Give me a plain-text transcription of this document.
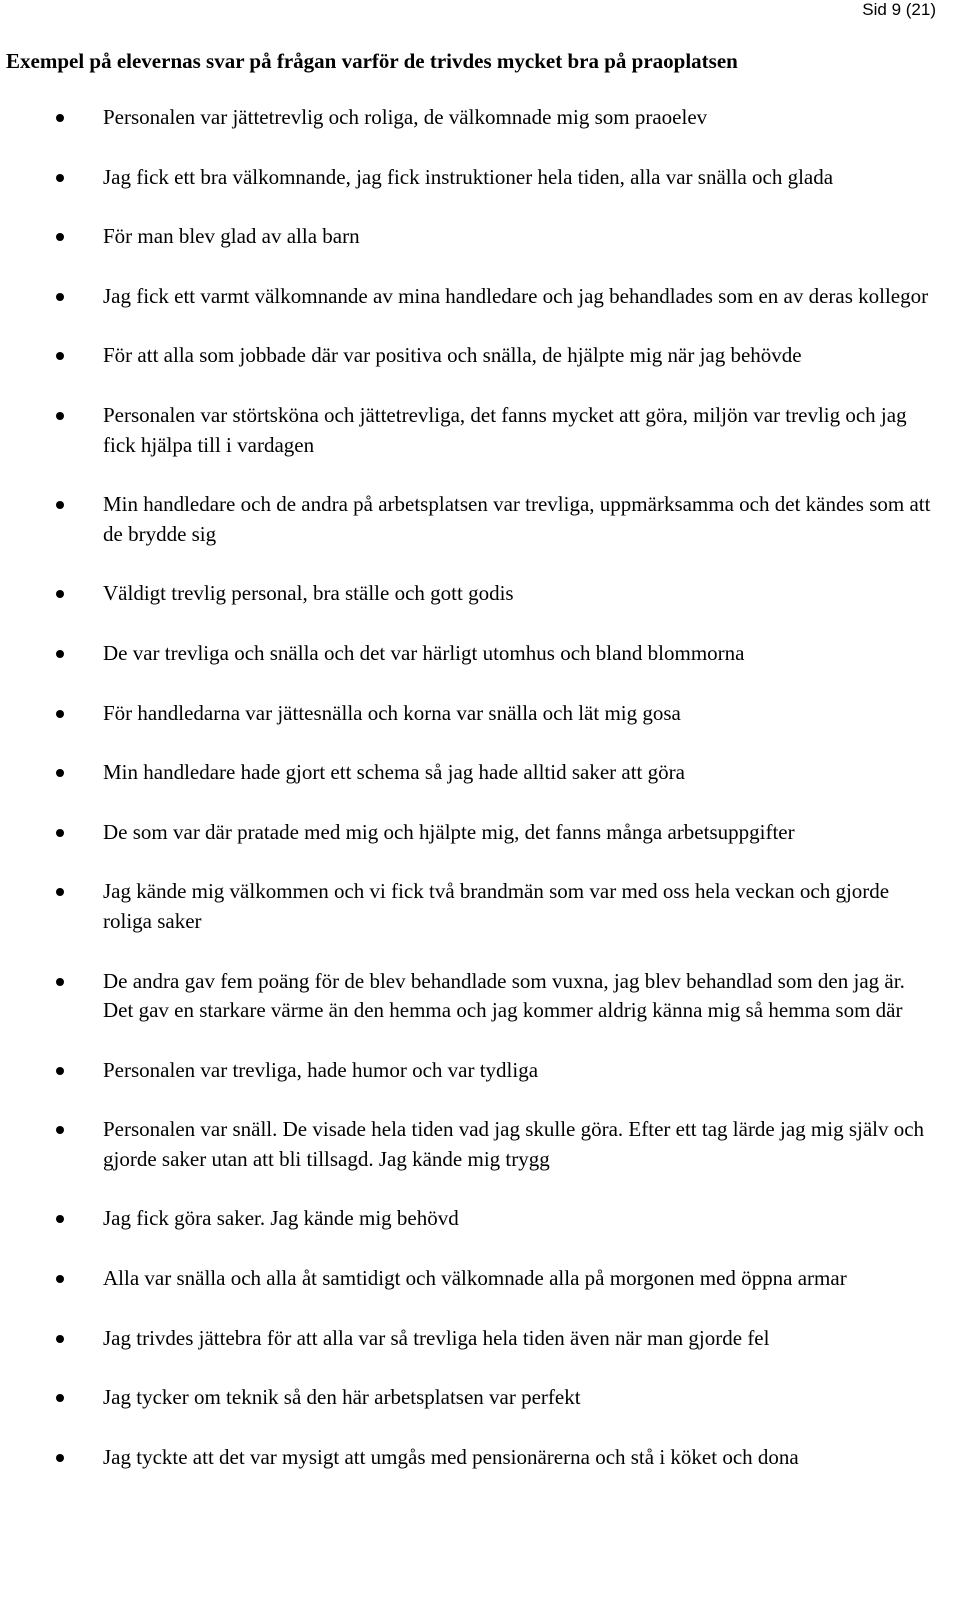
Sid 9 (21)
Exempel på elevernas svar på frågan varför de trivdes mycket bra på praoplatsen
Personalen var jättetrevlig och roliga, de välkomnade mig som praoelev
Jag fick ett bra välkomnande, jag fick instruktioner hela tiden, alla var snälla och glada
För man blev glad av alla barn
Jag fick ett varmt välkomnande av mina handledare och jag behandlades som en av deras kollegor
För att alla som jobbade där var positiva och snälla, de hjälpte mig när jag behövde
Personalen var störtsköna och jättetrevliga, det fanns mycket att göra, miljön var trevlig och jag fick hjälpa till i vardagen
Min handledare och de andra på arbetsplatsen var trevliga, uppmärksamma och det kändes som att de brydde sig
Väldigt trevlig personal, bra ställe och gott godis
De var trevliga och snälla och det var härligt utomhus och bland blommorna
För handledarna var jättesnälla och korna var snälla och lät mig gosa
Min handledare hade gjort ett schema så jag hade alltid saker att göra
De som var där pratade med mig och hjälpte mig, det fanns många arbetsuppgifter
Jag kände mig välkommen och vi fick två brandmän som var med oss hela veckan och gjorde roliga saker
De andra gav fem poäng för de blev behandlade som vuxna, jag blev behandlad som den jag är. Det gav en starkare värme än den hemma och jag kommer aldrig känna mig så hemma som där
Personalen var trevliga, hade humor och var tydliga
Personalen var snäll. De visade hela tiden vad jag skulle göra. Efter ett tag lärde jag mig själv och gjorde saker utan att bli tillsagd. Jag kände mig trygg
Jag fick göra saker. Jag kände mig behövd
Alla var snälla och alla åt samtidigt och välkomnade alla på morgonen med öppna armar
Jag trivdes jättebra för att alla var så trevliga hela tiden även när man gjorde fel
Jag tycker om teknik så den här arbetsplatsen var perfekt
Jag tyckte att det var mysigt att umgås med pensionärerna och stå i köket och dona
